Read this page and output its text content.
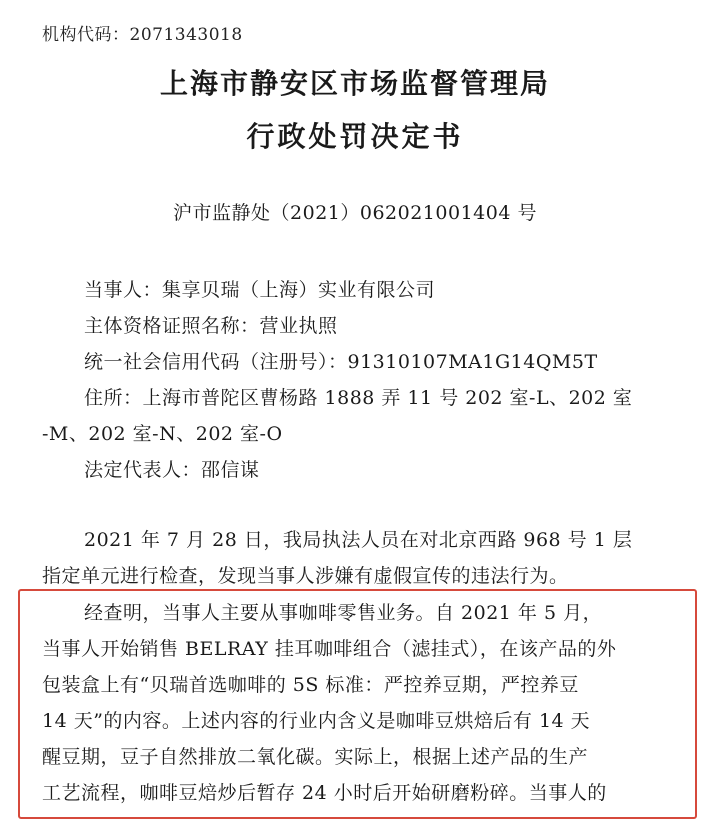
机构代码：2071343018
上海市静安区市场监督管理局
行政处罚决定书
沪市监静处（2021）062021001404 号
当事人：集享贝瑞（上海）实业有限公司
主体资格证照名称：营业执照
统一社会信用代码（注册号）：91310107MA1G14QM5T
住所：上海市普陀区曹杨路 1888 弄 11 号 202 室-L、202 室
-M、202 室-N、202 室-O
法定代表人：邵信谋
2021 年 7 月 28 日，我局执法人员在对北京西路 968 号 1 层
指定单元进行检查，发现当事人涉嫌有虚假宣传的违法行为。
经查明，当事人主要从事咖啡零售业务。自 2021 年 5 月，
当事人开始销售 BELRAY 挂耳咖啡组合（滤挂式），在该产品的外
包装盒上有“贝瑞首选咖啡的 5S 标准：严控养豆期，严控养豆
14 天”的内容。上述内容的行业内含义是咖啡豆烘焙后有 14 天
醒豆期，豆子自然排放二氧化碳。实际上，根据上述产品的生产
工艺流程，咖啡豆焙炒后暂存 24 小时后开始研磨粉碎。当事人的
